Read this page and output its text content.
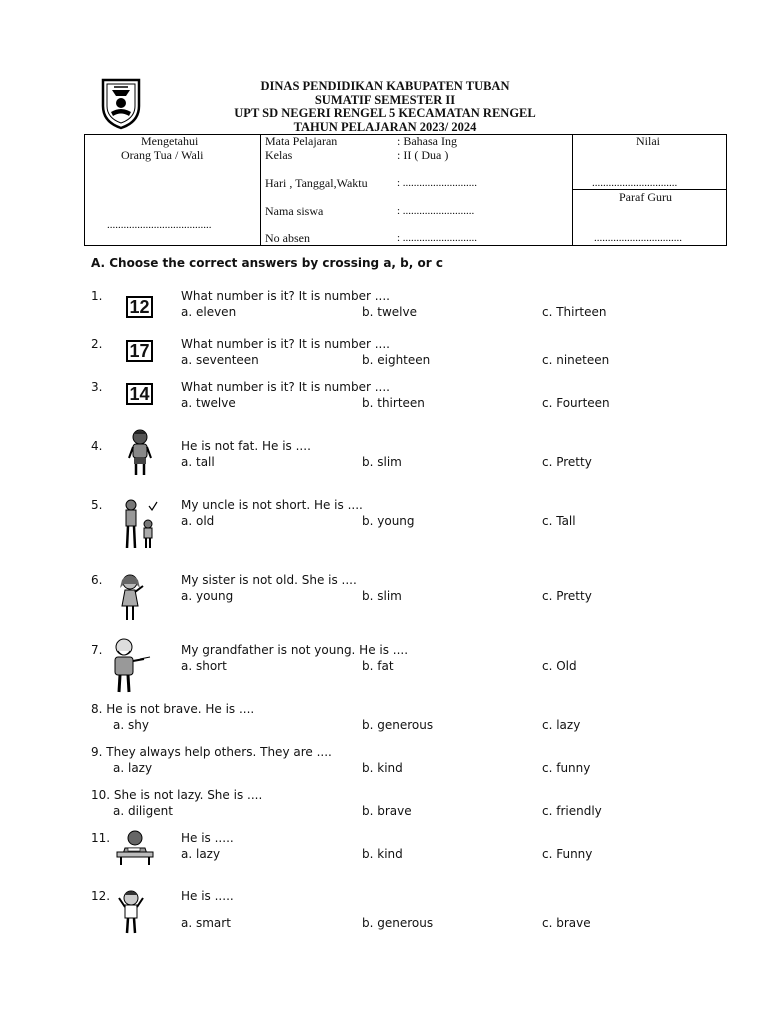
DINAS PENDIDIKAN KABUPATEN TUBAN
SUMATIF SEMESTER II
UPT SD NEGERI RENGEL 5 KECAMATAN RENGEL
TAHUN PELAJARAN 2023/ 2024
Mengetahui
Orang Tua / Wali
......................................
Mata Pelajaran	: Bahasa Ing
Kelas	: II ( Dua )
Hari , Tanggal,Waktu	: ...........................
Nama siswa	: ..........................
No absen	: ...........................
Nilai
...............................
Paraf Guru
................................
A. Choose the correct answers by crossing a, b, or c
1.
12
What number is it? It is number ....
a. eleven	b. twelve	c. Thirteen
2. 17	What number is it? It is number ....
a. seventeen	b. eighteen	c. nineteen
3. 14	What number is it? It is number ....
a. twelve	b. thirteen	c. Fourteen
4.	He is not fat. He is ....
a. tall	b. slim	c. Pretty
5.	My uncle is not short. He is ....
a. old	b. young	c. Tall
6.	My sister is not old. She is ....
a. young	b. slim	c. Pretty
7.	My grandfather is not young. He is ....
a. short	b. fat	c. Old
8. He is not brave. He is ....
a. shy	b. generous	c. lazy
9. They always help others. They are ....
a. lazy	b. kind	c. funny
10. She is not lazy. She is ....
a. diligent	b. brave	c. friendly
11.	He is .....
a. lazy	b. kind	c. Funny
12.	He is .....
a. smart	b. generous	c. brave
